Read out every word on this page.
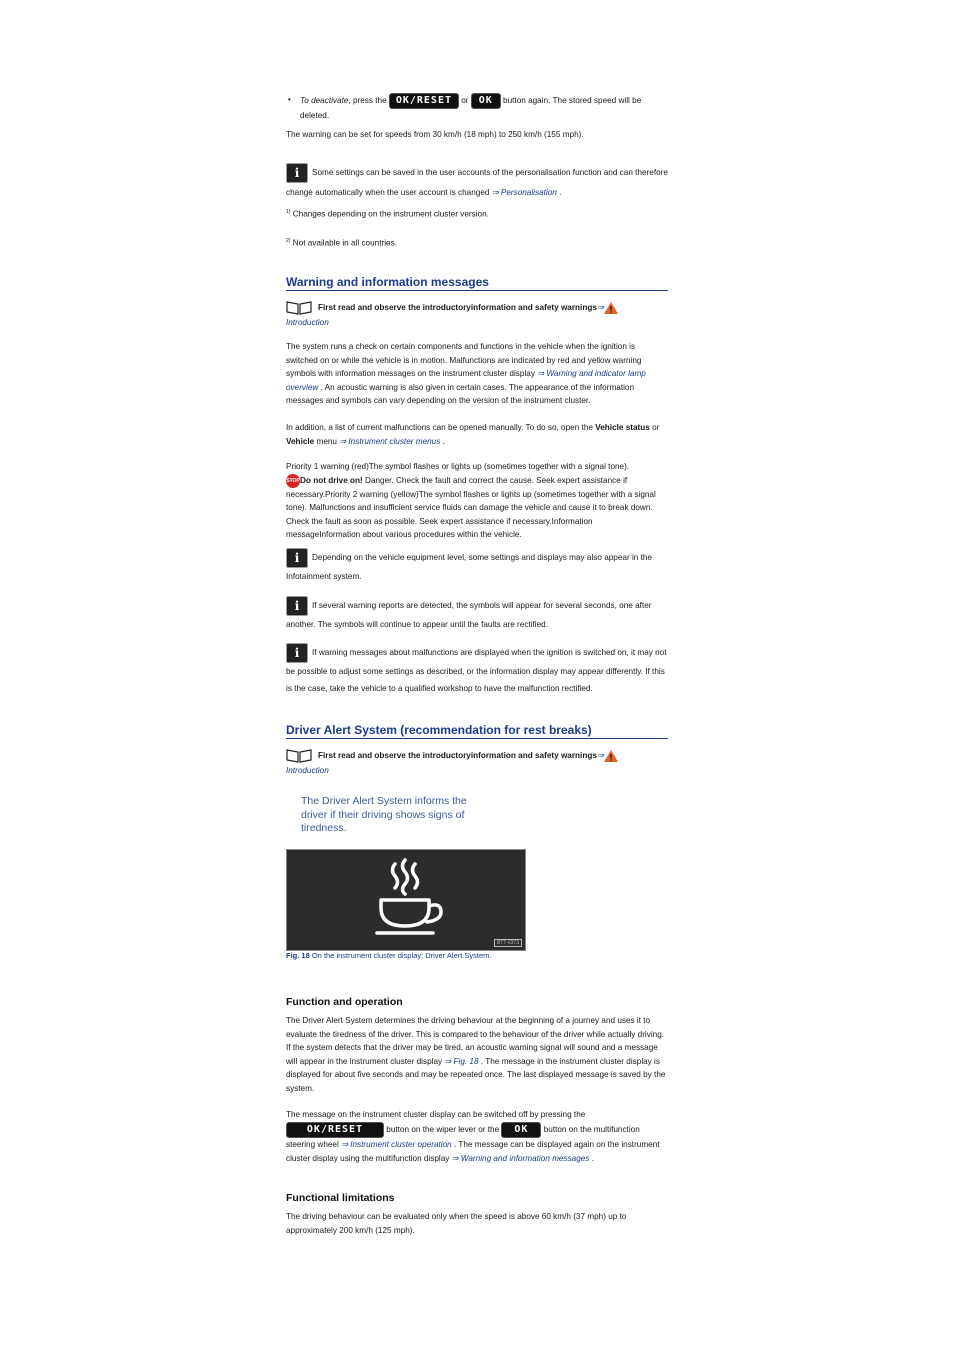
• To deactivate, press the OK/RESET or OK button again. The stored speed will be deleted.

The warning can be set for speeds from 30 km/h (18 mph) to 250 km/h (155 mph).

i Some settings can be saved in the user accounts of the personalisation function and can therefore change automatically when the user account is changed ⇒ Personalisation .
$^{1)}$ Changes depending on the instrument cluster version.
$^{2)}$ Not available in all countries.
Warning and information messages
First read and observe the introductoryinformation and safety warnings⇒
Introduction

The system runs a check on certain components and functions in the vehicle when the ignition is switched on or while the vehicle is in motion. Malfunctions are indicated by red and yellow warning symbols with information messages on the instrument cluster display ⇒ Warning and indicator lamp overview . An acoustic warning is also given in certain cases. The appearance of the information messages and symbols can vary depending on the version of the instrument cluster.

In addition, a list of current malfunctions can be opened manually. To do so, open the Vehicle status or Vehicle menu ⇒ Instrument cluster menus .

Priority 1 warning (red)The symbol flashes or lights up (sometimes together with a signal tone).
STOPDo not drive on! Danger. Check the fault and correct the cause. Seek expert assistance if necessary.Priority 2 warning (yellow)The symbol flashes or lights up (sometimes together with a signal tone). Malfunctions and insufficient service fluids can damage the vehicle and cause it to break down. Check the fault as soon as possible. Seek expert assistance if necessary.Information messageInformation about various procedures within the vehicle.

i Depending on the vehicle equipment level, some settings and displays may also appear in the Infotainment system.
i If several warning reports are detected, the symbols will appear for several seconds, one after another. The symbols will continue to appear until the faults are rectified.
i If warning messages about malfunctions are displayed when the ignition is switched on, it may not be possible to adjust some settings as described, or the information display may appear differently. If this is the case, take the vehicle to a qualified workshop to have the malfunction rectified.
Driver Alert System (recommendation for rest breaks)
First read and observe the introductoryinformation and safety warnings⇒
Introduction
The Driver Alert System informs the driver if their driving shows signs of tiredness.
BTT-0373
Fig. 18 On the instrument cluster display: Driver Alert System.
Function and operation

The Driver Alert System determines the driving behaviour at the beginning of a journey and uses it to evaluate the tiredness of the driver. This is compared to the behaviour of the driver while actually driving. If the system detects that the driver may be tired, an acoustic warning signal will sound and a message will appear in the instrument cluster display ⇒ Fig. 18 . The message in the instrument cluster display is displayed for about five seconds and may be repeated once. The last displayed message is saved by the system.

The message on the instrument cluster display can be switched off by pressing the
OK/RESET	button on the wiper lever or the OK button on the multifunction steering wheel ⇒ Instrument cluster operation . The message can be displayed again on the instrument cluster display using the multifunction display ⇒ Warning and information messages .

Functional limitations

The driving behaviour can be evaluated only when the speed is above 60 km/h (37 mph) up to approximately 200 km/h (125 mph).
